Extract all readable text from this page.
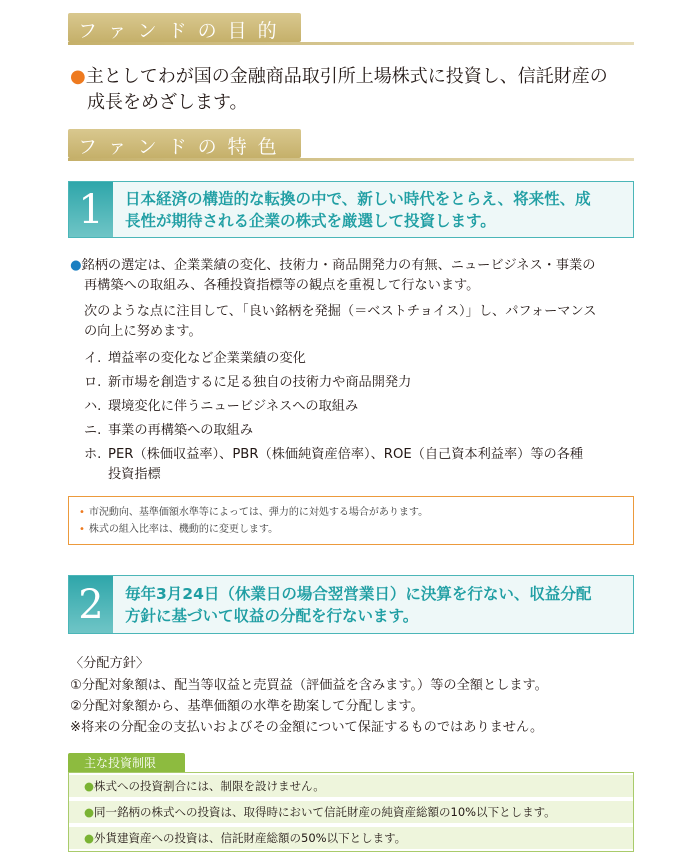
ファンドの目的
●主としてわが国の金融商品取引所上場株式に投資し、信託財産の
成長をめざします。
ファンドの特色
1	日本経済の構造的な転換の中で、新しい時代をとらえ、将来性、成
長性が期待される企業の株式を厳選して投資します。
●銘柄の選定は、企業業績の変化、技術力・商品開発力の有無、ニュービジネス・事業の
再構築への取組み、各種投資指標等の観点を重視して行ないます。
次のような点に注目して、「良い銘柄を発掘（＝ベストチョイス）」し、パフォーマンス
の向上に努めます。
イ. 増益率の変化など企業業績の変化
ロ. 新市場を創造するに足る独自の技術力や商品開発力
ハ. 環境変化に伴うニュービジネスへの取組み
ニ. 事業の再構築への取組み
ホ. PER（株価収益率）、PBR（株価純資産倍率）、ROE（自己資本利益率）等の各種
投資指標
• 市況動向、基準価額水準等によっては、弾力的に対処する場合があります。
• 株式の組入比率は、機動的に変更します。
2	毎年3月24日（休業日の場合翌営業日）に決算を行ない、収益分配
方針に基づいて収益の分配を行ないます。
〈分配方針〉
①分配対象額は、配当等収益と売買益（評価益を含みます。）等の全額とします。
②分配対象額から、基準価額の水準を勘案して分配します。
※将来の分配金の支払いおよびその金額について保証するものではありません。
主な投資制限
●株式への投資割合には、制限を設けません。
●同一銘柄の株式への投資は、取得時において信託財産の純資産総額の10%以下とします。
●外貨建資産への投資は、信託財産総額の50%以下とします。
